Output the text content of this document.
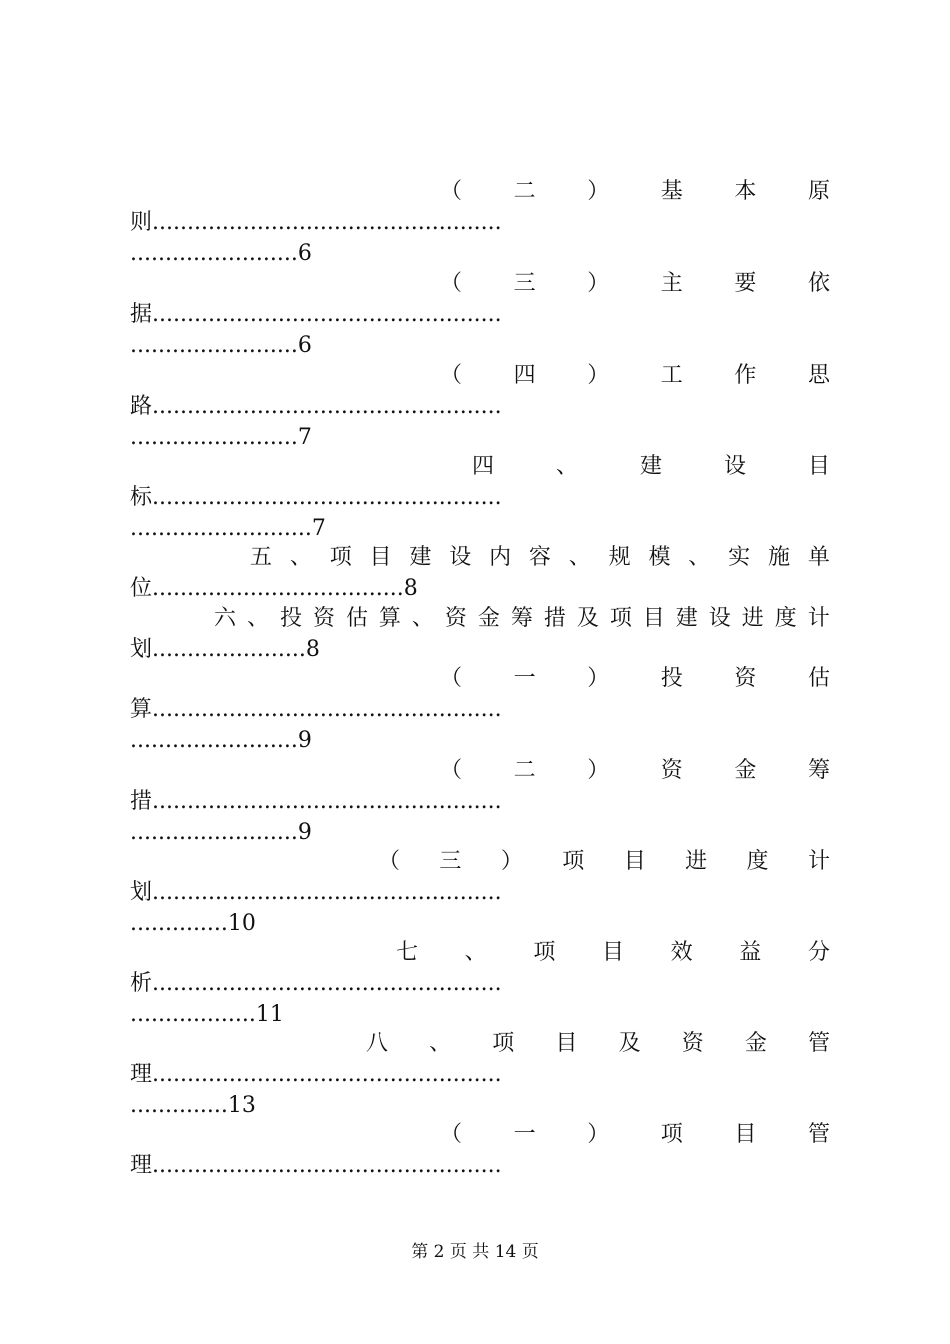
（ 二 ） 基 本 原
则..................................................
........................6
（ 三 ） 主 要 依
据..................................................
........................6
（ 四 ） 工 作 思
路..................................................
........................7
四	、	建	设	目
标..................................................
..........................7
五 、 项 目 建 设 内 容 、 规 模 、 实 施 单
位....................................8
六 、 投 资 估 算 、 资 金 筹 措 及 项 目 建 设 进 度 计
划......................8
（ 一 ） 投 资 估
算..................................................
........................9
（ 二 ） 资 金 筹
措..................................................
........................9
（ 三 ） 项 目 进 度 计
划..................................................
..............10
七 、 项 目 效 益 分
析..................................................
..................11
八 、 项 目 及 资 金 管
理..................................................
..............13
（ 一 ） 项 目 管
理..................................................
第 2 页 共 14 页
